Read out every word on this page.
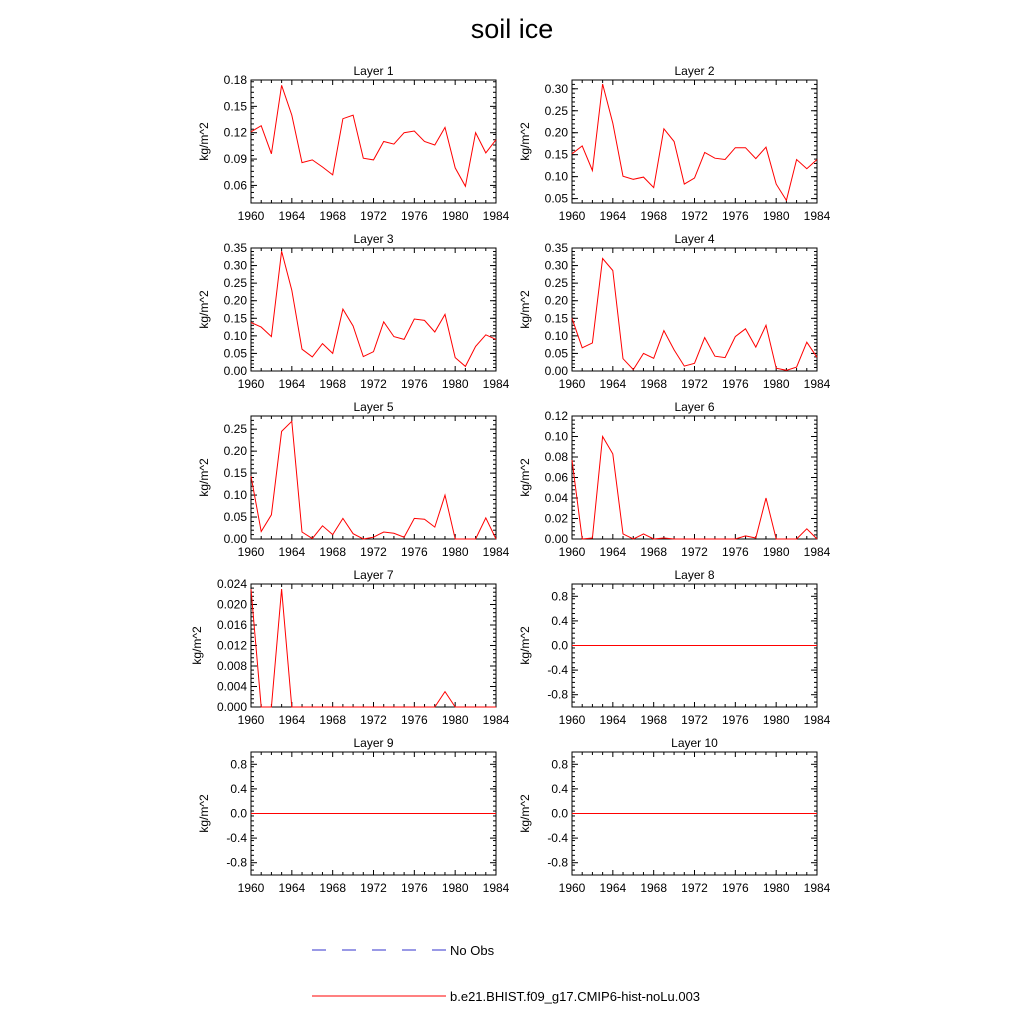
soil ice
Layer 1
1960 1964 1968 1972 1976 1980 1984
0.06
0.09
0.12
0.15
0.18
kg/m^2
Layer 2
1960 1964 1968 1972 1976 1980 1984
0.05
0.10
0.15
0.20
0.25
0.30
kg/m^2
Layer 3
1960 1964 1968 1972 1976 1980 1984
0.00
0.05
0.10
0.15
0.20
0.25
0.30
0.35
kg/m^2
Layer 4
1960 1964 1968 1972 1976 1980 1984
0.00
0.05
0.10
0.15
0.20
0.25
0.30
0.35
kg/m^2
Layer 5
1960 1964 1968 1972 1976 1980 1984
0.00
0.05
0.10
0.15
0.20
0.25
kg/m^2
Layer 6
1960 1964 1968 1972 1976 1980 1984
0.00
0.02
0.04
0.06
0.08
0.10
0.12
kg/m^2
Layer 7
1960 1964 1968 1972 1976 1980 1984
0.000
0.004
0.008
0.012
0.016
0.020
0.024
kg/m^2
Layer 8
1960 1964 1968 1972 1976 1980 1984
-0.8
-0.4
0.0
0.4
0.8
kg/m^2
Layer 9
1960 1964 1968 1972 1976 1980 1984
-0.8
-0.4
0.0
0.4
0.8
kg/m^2
Layer 10
1960 1964 1968 1972 1976 1980 1984
-0.8
-0.4
0.0
0.4
0.8
kg/m^2
No Obs
b.e21.BHIST.f09_g17.CMIP6-hist-noLu.003
